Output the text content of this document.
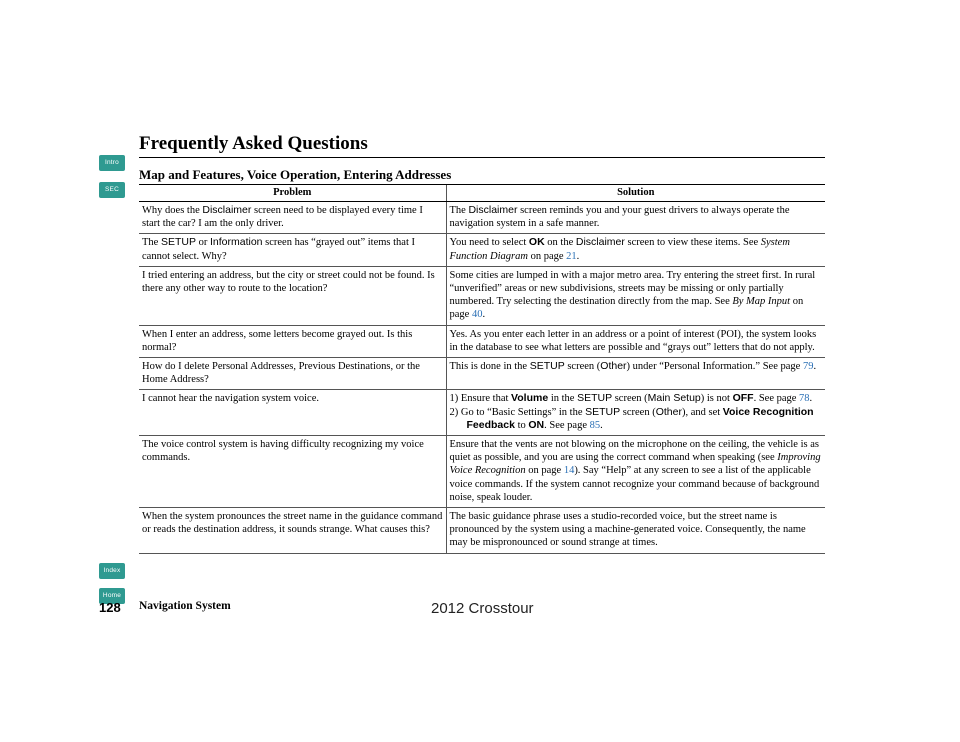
Intro
SEC
Index
Home
Frequently Asked Questions
Map and Features, Voice Operation, Entering Addresses
Problem	Solution
Why does the Disclaimer screen need to be displayed every time I start the car? I am the only driver.	The Disclaimer screen reminds you and your guest drivers to always operate the navigation system in a safe manner.
The SETUP or Information screen has “grayed out” items that I cannot select. Why?	You need to select OK on the Disclaimer screen to view these items. See System Function Diagram on page 21.
I tried entering an address, but the city or street could not be found. Is there any other way to route to the location?	Some cities are lumped in with a major metro area. Try entering the street first. In rural “unverified” areas or new subdivisions, streets may be missing or only partially numbered. Try selecting the destination directly from the map. See By Map Input on page 40.
When I enter an address, some letters become grayed out. Is this normal?	Yes. As you enter each letter in an address or a point of interest (POI), the system looks in the database to see what letters are possible and “grays out” letters that do not apply.
How do I delete Personal Addresses, Previous Destinations, or the Home Address?	This is done in the SETUP screen (Other) under “Personal Information.” See page 79.
I cannot hear the navigation system voice.	1) Ensure that Volume in the SETUP screen (Main Setup) is not OFF. See page 78.
2) Go to “Basic Settings” in the SETUP screen (Other), and set Voice Recognition Feedback to ON. See page 85.

The voice control system is having difficulty recognizing my voice commands.	Ensure that the vents are not blowing on the microphone on the ceiling, the vehicle is as quiet as possible, and you are using the correct command when speaking (see Improving Voice Recognition on page 14). Say “Help” at any screen to see a list of the applicable voice commands. If the system cannot recognize your command because of background noise, speak louder.
When the system pronounces the street name in the guidance command or reads the destination address, it sounds strange. What causes this?	The basic guidance phrase uses a studio-recorded voice, but the street name is pronounced by the system using a machine-generated voice. Consequently, the name may be mispronounced or sound strange at times.
128 Navigation System	2012 Crosstour
